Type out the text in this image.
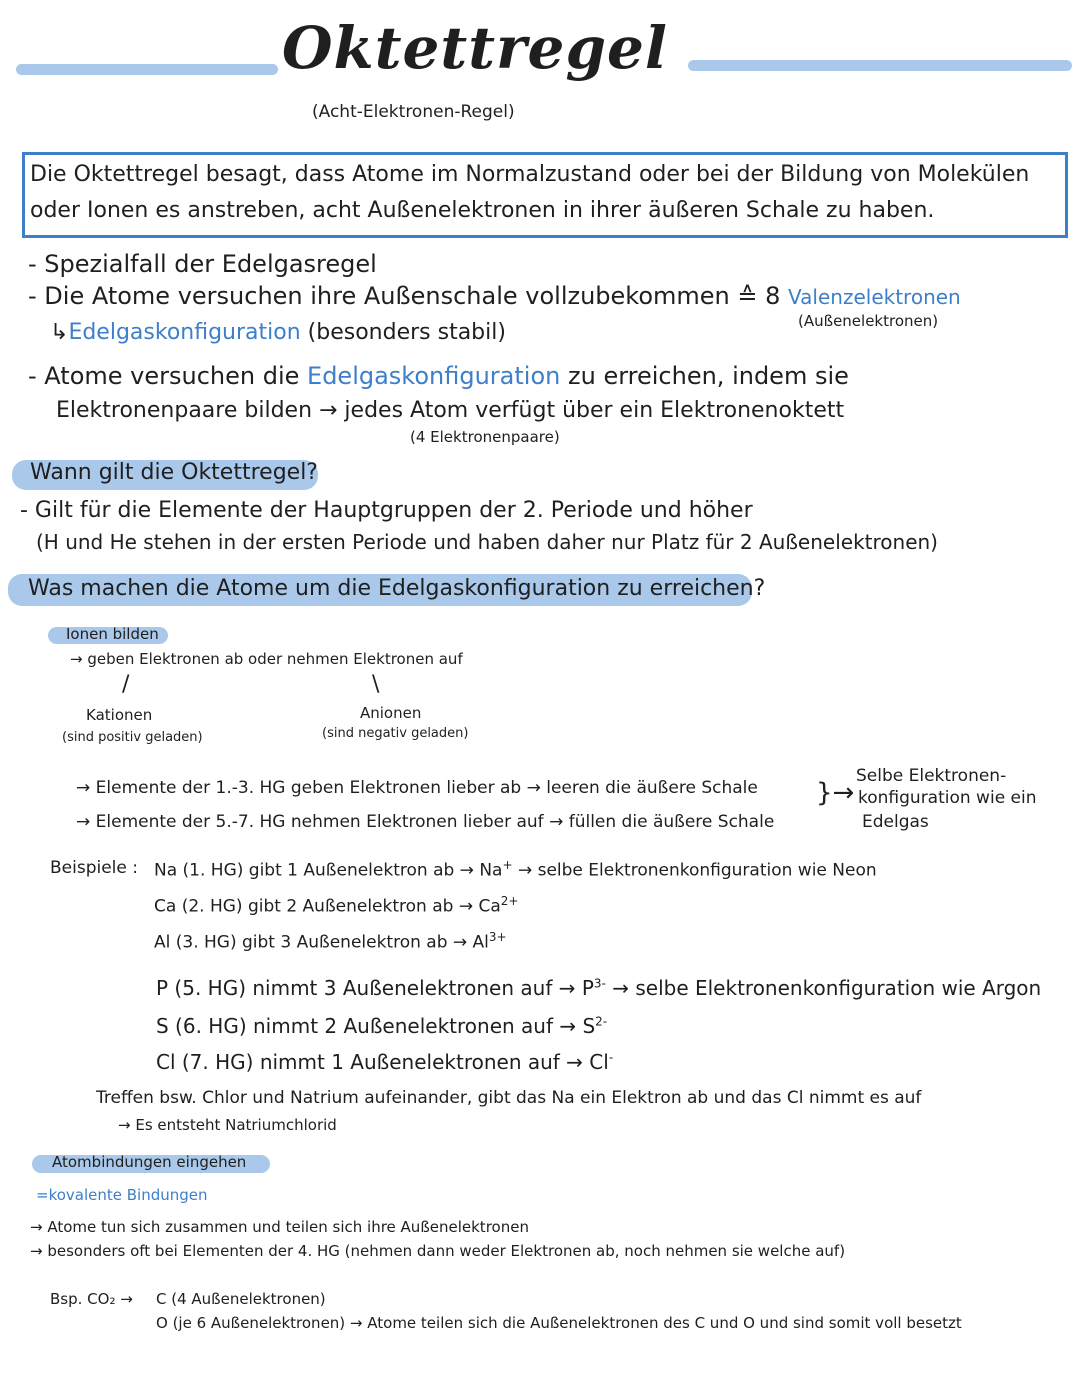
Oktettregel
(Acht-Elektronen-Regel)
Die Oktettregel besagt, dass Atome im Normalzustand oder bei der Bildung von Molekülen
oder Ionen es anstreben, acht Außenelektronen in ihrer äußeren Schale zu haben.
- Spezialfall der Edelgasregel
- Die Atome versuchen ihre Außenschale vollzubekommen ≙ 8 Valenzelektronen
(Außenelektronen)
↳Edelgaskonfiguration (besonders stabil)
- Atome versuchen die Edelgaskonfiguration zu erreichen, indem sie
Elektronenpaare bilden → jedes Atom verfügt über ein Elektronenoktett
(4 Elektronenpaare)
Wann gilt die Oktettregel?
- Gilt für die Elemente der Hauptgruppen der 2. Periode und höher
(H und He stehen in der ersten Periode und haben daher nur Platz für 2 Außenelektronen)
Was machen die Atome um die Edelgaskonfiguration zu erreichen?
Ionen bilden
→ geben Elektronen ab oder nehmen Elektronen auf
/	\
Kationen
(sind positiv geladen)
Anionen
(sind negativ geladen)
→ Elemente der 1.-3. HG geben Elektronen lieber ab → leeren die äußere Schale
→ Elemente der 5.-7. HG nehmen Elektronen lieber auf → füllen die äußere Schale
}→
Selbe Elektronen-
konfiguration wie ein
Edelgas
Beispiele : Na (1. HG) gibt 1 Außenelektron ab → Na+ → selbe Elektronenkonfiguration wie Neon
Ca (2. HG) gibt 2 Außenelektron ab → $Ca^{2+}$
Al (3. HG) gibt 3 Außenelektron ab → $Al^{3+}$
P (5. HG) nimmt 3 Außenelektronen auf → $P^{3-}$ → selbe Elektronenkonfiguration wie Argon
S (6. HG) nimmt 2 Außenelektronen auf → $S^{2-}$
Cl (7. HG) nimmt 1 Außenelektronen auf → Cl-
Treffen bsw. Chlor und Natrium aufeinander, gibt das Na ein Elektron ab und das Cl nimmt es auf
→ Es entsteht Natriumchlorid
Atombindungen eingehen
=kovalente Bindungen
→ Atome tun sich zusammen und teilen sich ihre Außenelektronen
→ besonders oft bei Elementen der 4. HG (nehmen dann weder Elektronen ab, noch nehmen sie welche auf)
Bsp. CO₂ → C (4 Außenelektronen)
O (je 6 Außenelektronen) → Atome teilen sich die Außenelektronen des C und O und sind somit voll besetzt
